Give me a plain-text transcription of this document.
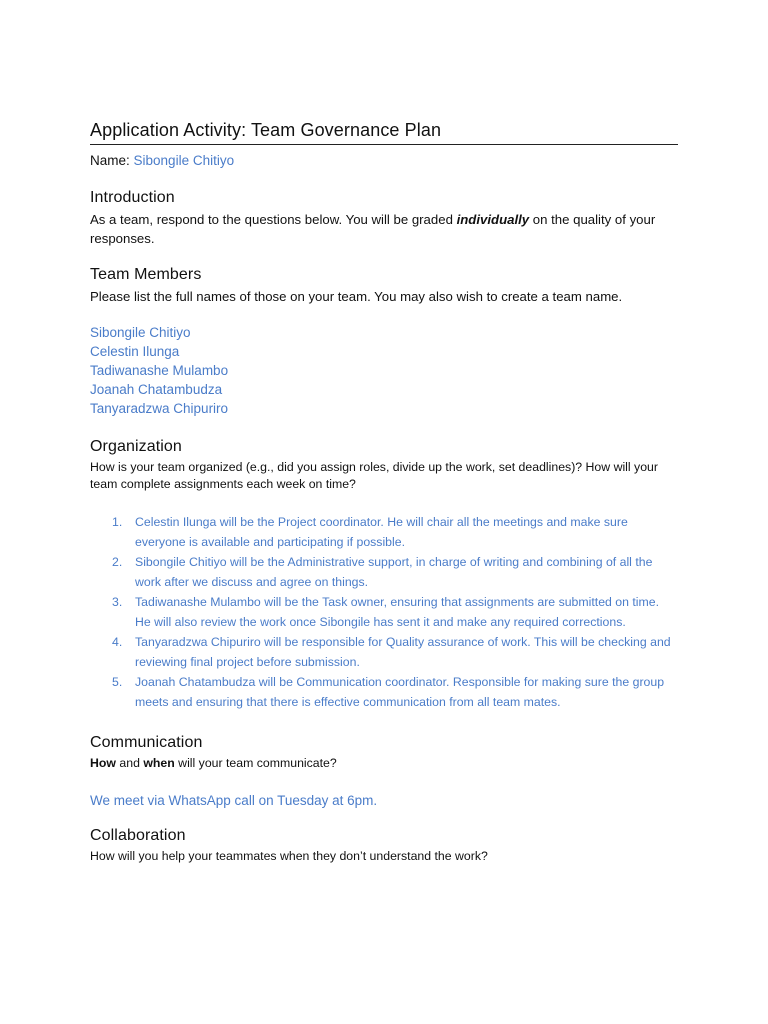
Application Activity: Team Governance Plan

Name: Sibongile Chitiyo

Introduction

As a team, respond to the questions below. You will be graded individually on the quality of your responses.

Team Members

Please list the full names of those on your team. You may also wish to create a team name.

Sibongile Chitiyo
Celestin Ilunga
Tadiwanashe Mulambo
Joanah Chatambudza
Tanyaradzwa Chipuriro
Organization

How is your team organized (e.g., did you assign roles, divide up the work, set deadlines)? How will your team complete assignments each week on time?

1. Celestin Ilunga will be the Project coordinator. He will chair all the meetings and make sure everyone is available and participating if possible.
2. Sibongile Chitiyo will be the Administrative support, in charge of writing and combining of all the work after we discuss and agree on things.
3. Tadiwanashe Mulambo will be the Task owner, ensuring that assignments are submitted on time. He will also review the work once Sibongile has sent it and make any required corrections.
4. Tanyaradzwa Chipuriro will be responsible for Quality assurance of work. This will be checking and reviewing final project before submission.
5. Joanah Chatambudza will be Communication coordinator. Responsible for making sure the group meets and ensuring that there is effective communication from all team mates.
Communication

How and when will your team communicate?

We meet via WhatsApp call on Tuesday at 6pm.

Collaboration

How will you help your teammates when they don’t understand the work?
